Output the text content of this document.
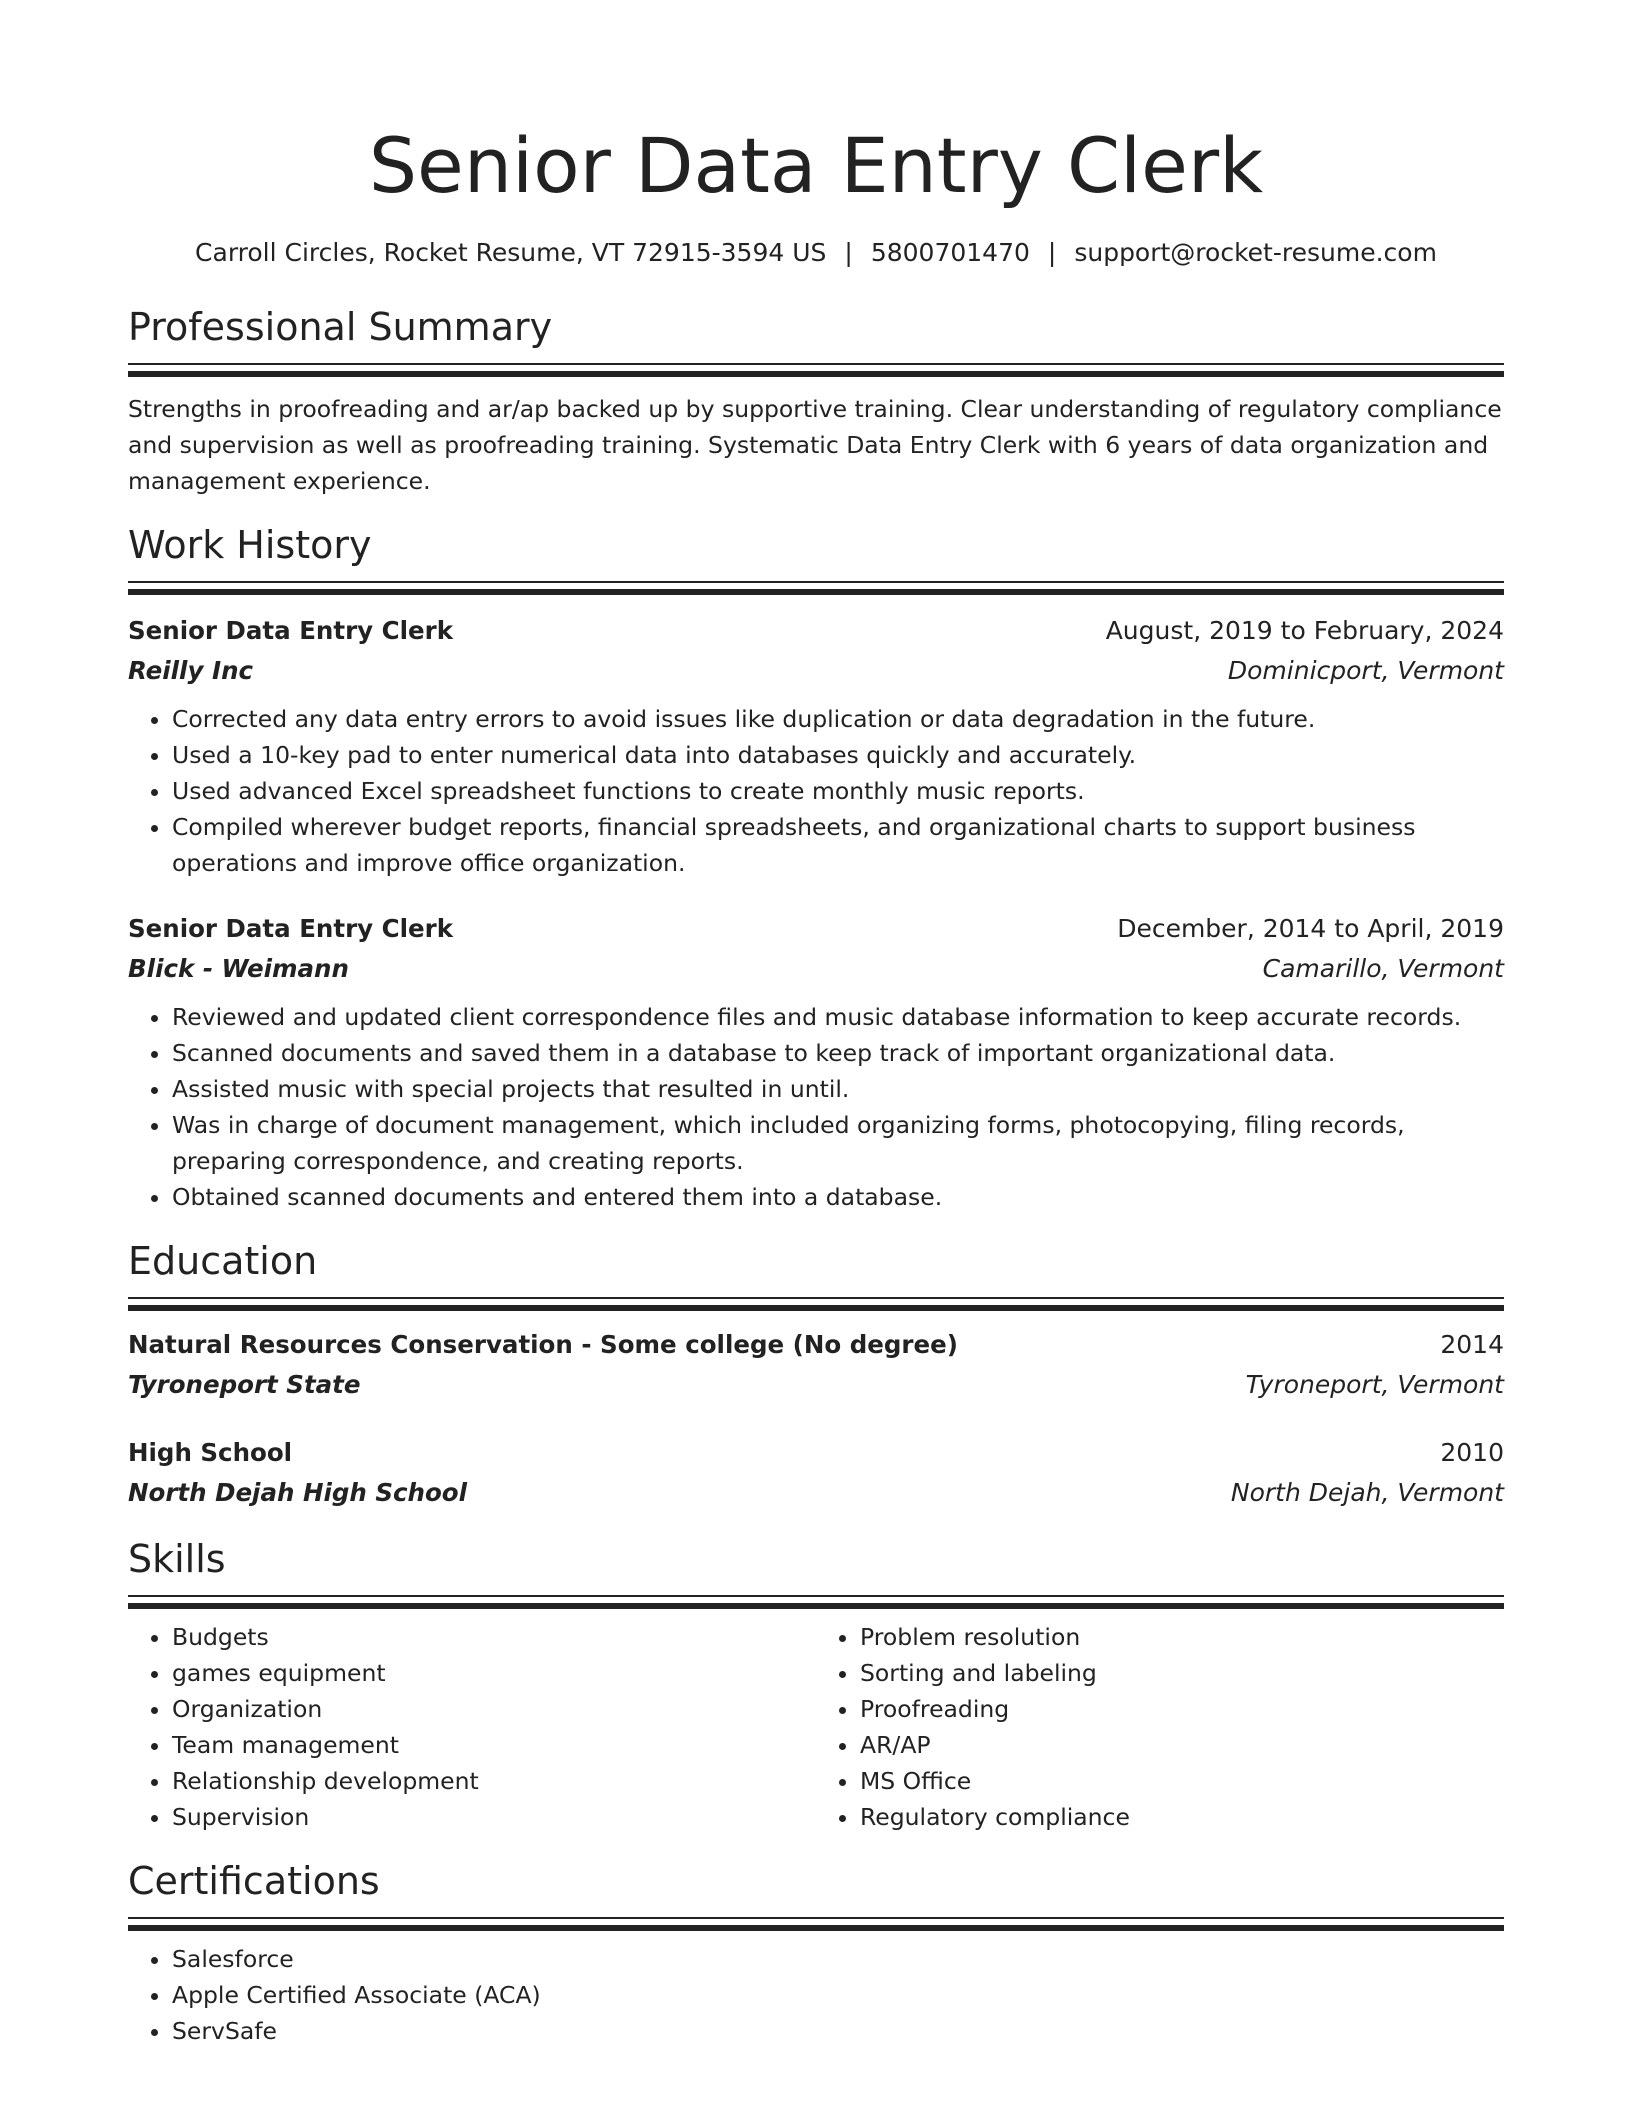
Senior Data Entry Clerk
Carroll Circles, Rocket Resume, VT 72915-3594 US | 5800701470 | support@rocket-resume.com
Professional Summary
Strengths in proofreading and ar/ap backed up by supportive training. Clear understanding of regulatory compliance and supervision as well as proofreading training. Systematic Data Entry Clerk with 6 years of data organization and management experience.
Work History
Senior Data Entry Clerk	August, 2019 to February, 2024
Reilly Inc	Dominicport, Vermont
• Corrected any data entry errors to avoid issues like duplication or data degradation in the future.
• Used a 10-key pad to enter numerical data into databases quickly and accurately.
• Used advanced Excel spreadsheet functions to create monthly music reports.
• Compiled wherever budget reports, financial spreadsheets, and organizational charts to support business operations and improve office organization.
Senior Data Entry Clerk	December, 2014 to April, 2019
Blick - Weimann	Camarillo, Vermont
• Reviewed and updated client correspondence files and music database information to keep accurate records.
• Scanned documents and saved them in a database to keep track of important organizational data.
• Assisted music with special projects that resulted in until.
• Was in charge of document management, which included organizing forms, photocopying, filing records, preparing correspondence, and creating reports.
• Obtained scanned documents and entered them into a database.
Education
Natural Resources Conservation - Some college (No degree)	2014
Tyroneport State	Tyroneport, Vermont
High School	2010
North Dejah High School	North Dejah, Vermont
Skills
• Budgets
• games equipment
• Organization
• Team management
• Relationship development
• Supervision
• Problem resolution
• Sorting and labeling
• Proofreading
• AR/AP
• MS Office
• Regulatory compliance
Certifications
• Salesforce
• Apple Certified Associate (ACA)
• ServSafe
